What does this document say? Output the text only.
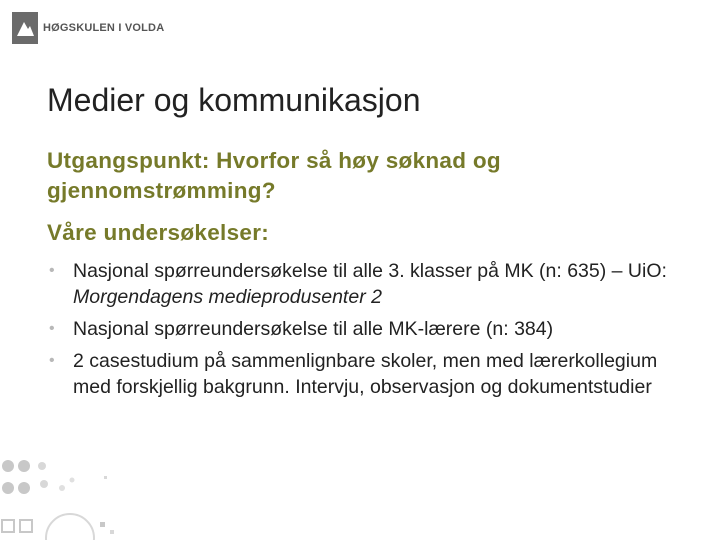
HØGSKULEN I VOLDA
Medier og kommunikasjon
Utgangspunkt: Hvorfor så høy søknad og gjennomstrømming?
Våre undersøkelser:
• Nasjonal spørreundersøkelse til alle 3. klasser på MK (n: 635) – UiO: Morgendagens medieprodusenter 2
• Nasjonal spørreundersøkelse til alle MK-lærere (n: 384)
• 2 casestudium på sammenlignbare skoler, men med lærerkollegium med forskjellig bakgrunn. Intervju, observasjon og dokumentstudier
